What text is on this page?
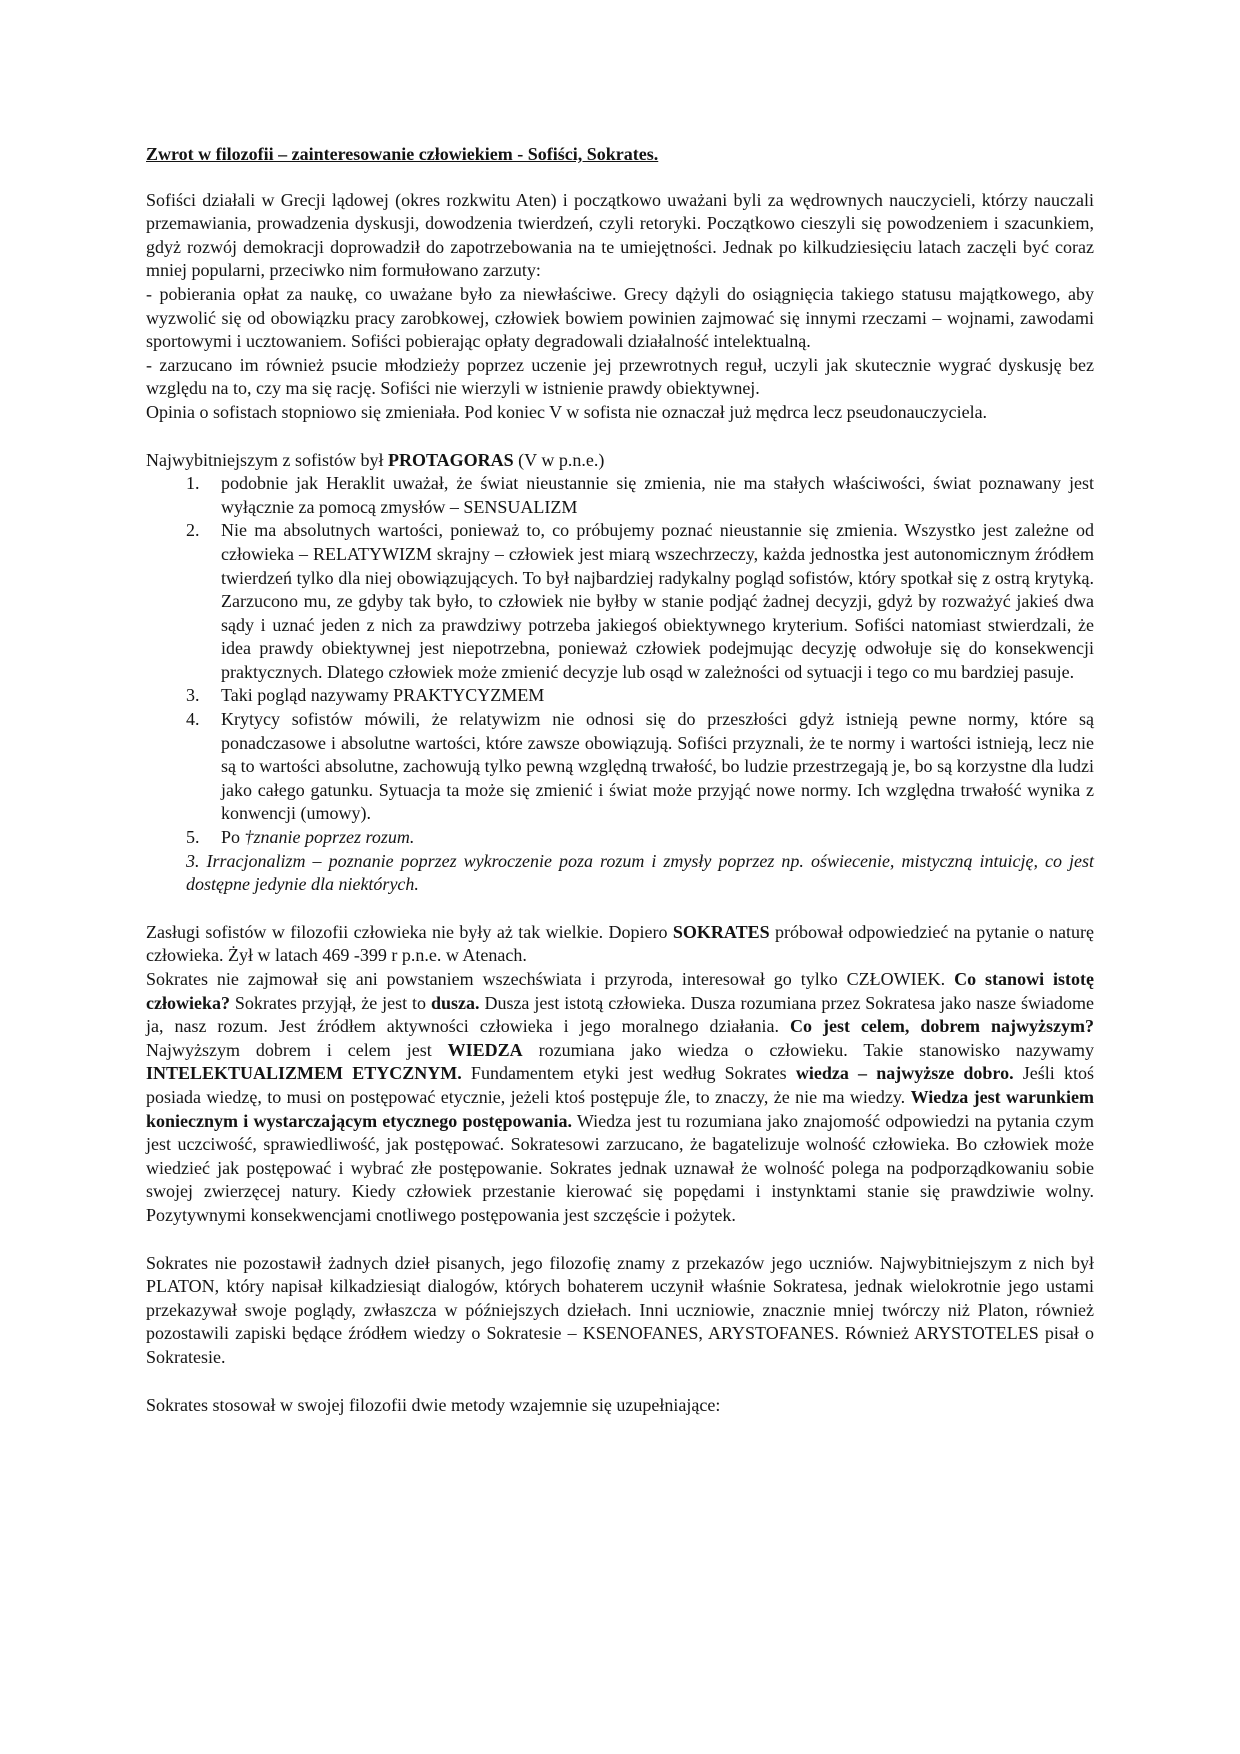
Zwrot w filozofii – zainteresowanie człowiekiem - Sofiści, Sokrates.

Sofiści działali w Grecji lądowej (okres rozkwitu Aten) i początkowo uważani byli za wędrownych nauczycieli, którzy nauczali przemawiania, prowadzenia dyskusji, dowodzenia twierdzeń, czyli retoryki. Początkowo cieszyli się powodzeniem i szacunkiem, gdyż rozwój demokracji doprowadził do zapotrzebowania na te umiejętności. Jednak po kilkudziesięciu latach zaczęli być coraz mniej popularni, przeciwko nim formułowano zarzuty:

- pobierania opłat za naukę, co uważane było za niewłaściwe. Grecy dążyli do osiągnięcia takiego statusu majątkowego, aby wyzwolić się od obowiązku pracy zarobkowej, człowiek bowiem powinien zajmować się innymi rzeczami – wojnami, zawodami sportowymi i ucztowaniem. Sofiści pobierając opłaty degradowali działalność intelektualną.

- zarzucano im również psucie młodzieży poprzez uczenie jej przewrotnych reguł, uczyli jak skutecznie wygrać dyskusję bez względu na to, czy ma się rację. Sofiści nie wierzyli w istnienie prawdy obiektywnej.

Opinia o sofistach stopniowo się zmieniała. Pod koniec V w sofista nie oznaczał już mędrca lecz pseudonauczyciela.

Najwybitniejszym z sofistów był PROTAGORAS (V w p.n.e.)

1. podobnie jak Heraklit uważał, że świat nieustannie się zmienia, nie ma stałych właściwości, świat poznawany jest wyłącznie za pomocą zmysłów – SENSUALIZM
2. Nie ma absolutnych wartości, ponieważ to, co próbujemy poznać nieustannie się zmienia. Wszystko jest zależne od człowieka – RELATYWIZM skrajny – człowiek jest miarą wszechrzeczy, każda jednostka jest autonomicznym źródłem twierdzeń tylko dla niej obowiązujących. To był najbardziej radykalny pogląd sofistów, który spotkał się z ostrą krytyką. Zarzucono mu, ze gdyby tak było, to człowiek nie byłby w stanie podjąć żadnej decyzji, gdyż by rozważyć jakieś dwa sądy i uznać jeden z nich za prawdziwy potrzeba jakiegoś obiektywnego kryterium. Sofiści natomiast stwierdzali, że idea prawdy obiektywnej jest niepotrzebna, ponieważ człowiek podejmując decyzję odwołuje się do konsekwencji praktycznych. Dlatego człowiek może zmienić decyzje lub osąd w zależności od sytuacji i tego co mu bardziej pasuje.
3. Taki pogląd nazywamy PRAKTYCYZMEM
4. Krytycy sofistów mówili, że relatywizm nie odnosi się do przeszłości gdyż istnieją pewne normy, które są ponadczasowe i absolutne wartości, które zawsze obowiązują. Sofiści przyznali, że te normy i wartości istnieją, lecz nie są to wartości absolutne, zachowują tylko pewną względną trwałość, bo ludzie przestrzegają je, bo są korzystne dla ludzi jako całego gatunku. Sytuacja ta może się zmienić i świat może przyjąć nowe normy. Ich względna trwałość wynika z konwencji (umowy).
5. Po †znanie poprzez rozum.

3. Irracjonalizm – poznanie poprzez wykroczenie poza rozum i zmysły poprzez np. oświecenie, mistyczną intuicję, co jest dostępne jedynie dla niektórych.

Zasługi sofistów w filozofii człowieka nie były aż tak wielkie. Dopiero SOKRATES próbował odpowiedzieć na pytanie o naturę człowieka. Żył w latach 469 -399 r p.n.e. w Atenach.

Sokrates nie zajmował się ani powstaniem wszechświata i przyroda, interesował go tylko CZŁOWIEK. Co stanowi istotę człowieka? Sokrates przyjął, że jest to dusza. Dusza jest istotą człowieka. Dusza rozumiana przez Sokratesa jako nasze świadome ja, nasz rozum. Jest źródłem aktywności człowieka i jego moralnego działania. Co jest celem, dobrem najwyższym? Najwyższym dobrem i celem jest WIEDZA rozumiana jako wiedza o człowieku. Takie stanowisko nazywamy INTELEKTUALIZMEM ETYCZNYM. Fundamentem etyki jest według Sokrates wiedza – najwyższe dobro. Jeśli ktoś posiada wiedzę, to musi on postępować etycznie, jeżeli ktoś postępuje źle, to znaczy, że nie ma wiedzy. Wiedza jest warunkiem koniecznym i wystarczającym etycznego postępowania. Wiedza jest tu rozumiana jako znajomość odpowiedzi na pytania czym jest uczciwość, sprawiedliwość, jak postępować. Sokratesowi zarzucano, że bagatelizuje wolność człowieka. Bo człowiek może wiedzieć jak postępować i wybrać złe postępowanie. Sokrates jednak uznawał że wolność polega na podporządkowaniu sobie swojej zwierzęcej natury. Kiedy człowiek przestanie kierować się popędami i instynktami stanie się prawdziwie wolny. Pozytywnymi konsekwencjami cnotliwego postępowania jest szczęście i pożytek.

Sokrates nie pozostawił żadnych dzieł pisanych, jego filozofię znamy z przekazów jego uczniów. Najwybitniejszym z nich był PLATON, który napisał kilkadziesiąt dialogów, których bohaterem uczynił właśnie Sokratesa, jednak wielokrotnie jego ustami przekazywał swoje poglądy, zwłaszcza w późniejszych dziełach. Inni uczniowie, znacznie mniej twórczy niż Platon, również pozostawili zapiski będące źródłem wiedzy o Sokratesie – KSENOFANES, ARYSTOFANES. Również ARYSTOTELES pisał o Sokratesie.

Sokrates stosował w swojej filozofii dwie metody wzajemnie się uzupełniające:
